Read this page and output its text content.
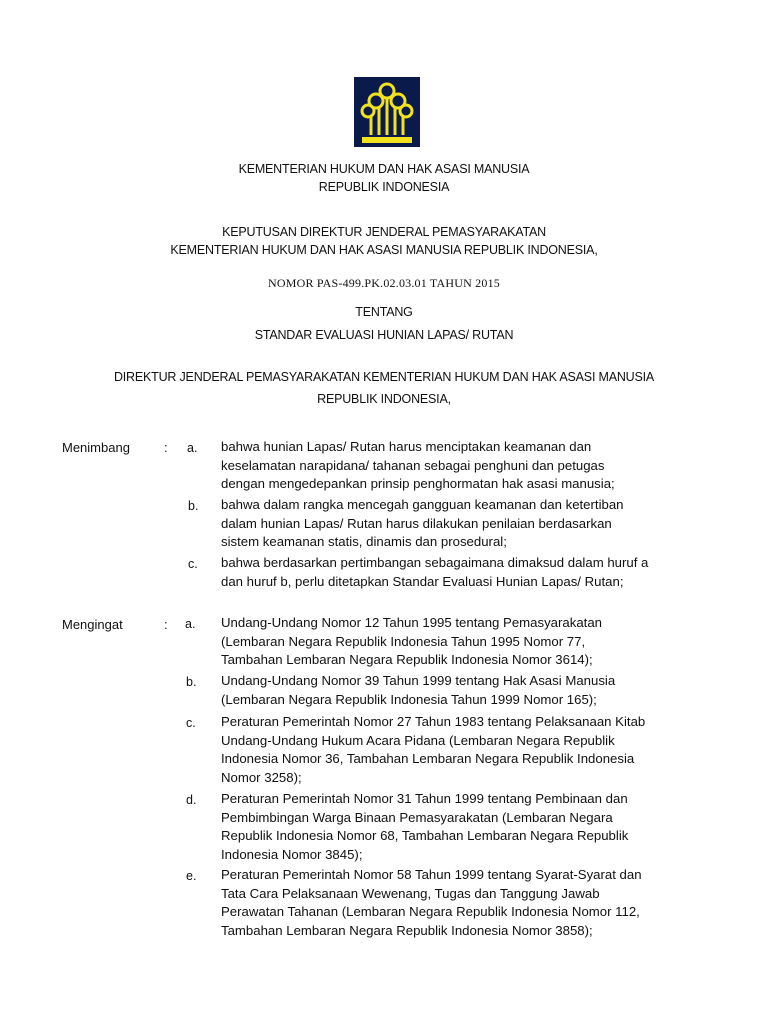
KEMENTERIAN HUKUM DAN HAK ASASI MANUSIA
REPUBLIK INDONESIA
KEPUTUSAN DIREKTUR JENDERAL PEMASYARAKATAN
KEMENTERIAN HUKUM DAN HAK ASASI MANUSIA REPUBLIK INDONESIA,
NOMOR PAS-499.PK.02.03.01 TAHUN 2015
TENTANG
STANDAR EVALUASI HUNIAN LAPAS/ RUTAN
DIREKTUR JENDERAL PEMASYARAKATAN KEMENTERIAN HUKUM DAN HAK ASASI MANUSIA
REPUBLIK INDONESIA,
Menimbang	: a. bahwa hunian Lapas/ Rutan harus menciptakan keamanan dan
keselamatan narapidana/ tahanan sebagai penghuni dan petugas
dengan mengedepankan prinsip penghormatan hak asasi manusia;
b. bahwa dalam rangka mencegah gangguan keamanan dan ketertiban
dalam hunian Lapas/ Rutan harus dilakukan penilaian berdasarkan
sistem keamanan statis, dinamis dan prosedural;
c. bahwa berdasarkan pertimbangan sebagaimana dimaksud dalam huruf a
dan huruf b, perlu ditetapkan Standar Evaluasi Hunian Lapas/ Rutan;
Mengingat	: a. Undang-Undang Nomor 12 Tahun 1995 tentang Pemasyarakatan
(Lembaran Negara Republik Indonesia Tahun 1995 Nomor 77,
Tambahan Lembaran Negara Republik Indonesia Nomor 3614);
b. Undang-Undang Nomor 39 Tahun 1999 tentang Hak Asasi Manusia
(Lembaran Negara Republik Indonesia Tahun 1999 Nomor 165);
c. Peraturan Pemerintah Nomor 27 Tahun 1983 tentang Pelaksanaan Kitab
Undang-Undang Hukum Acara Pidana (Lembaran Negara Republik
Indonesia Nomor 36, Tambahan Lembaran Negara Republik Indonesia
Nomor 3258);
d. Peraturan Pemerintah Nomor 31 Tahun 1999 tentang Pembinaan dan
Pembimbingan Warga Binaan Pemasyarakatan (Lembaran Negara
Republik Indonesia Nomor 68, Tambahan Lembaran Negara Republik
Indonesia Nomor 3845);
e. Peraturan Pemerintah Nomor 58 Tahun 1999 tentang Syarat-Syarat dan
Tata Cara Pelaksanaan Wewenang, Tugas dan Tanggung Jawab
Perawatan Tahanan (Lembaran Negara Republik Indonesia Nomor 112,
Tambahan Lembaran Negara Republik Indonesia Nomor 3858);
